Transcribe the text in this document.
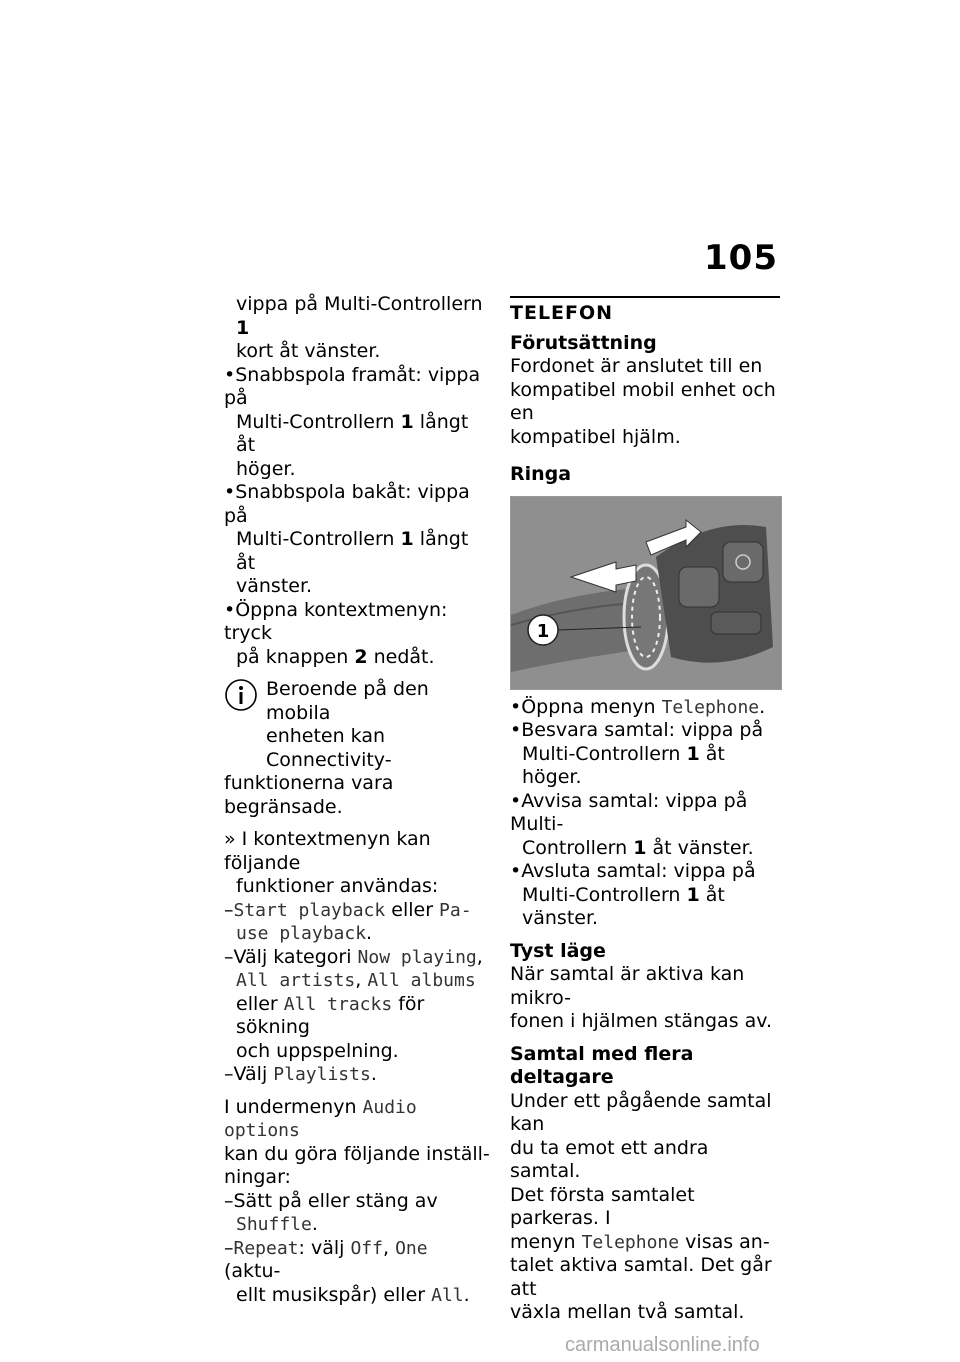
105
vippa på Multi-Controllern 1
kort åt vänster.
• Snabbspola framåt: vippa på
Multi-Controllern 1 långt åt
höger.
• Snabbspola bakåt: vippa på
Multi-Controllern 1 långt åt
vänster.
• Öppna kontextmenyn: tryck
på knappen 2 nedåt.
Beroende på den mobila
enheten kan Connectivity-
funktionerna vara begränsade.
» I kontextmenyn kan följande
funktioner användas:
– Start playback eller Pa-
use playback.
– Välj kategori Now playing,
All artists, All albums
eller All tracks för sökning
och uppspelning.
– Välj Playlists.
I undermenyn Audio options
kan du göra följande inställ-
ningar:
– Sätt på eller stäng av
Shuffle.
– Repeat: välj Off, One (aktu-
ellt musikspår) eller All.
TELEFON
Förutsättning
Fordonet är anslutet till en
kompatibel mobil enhet och en
kompatibel hjälm.
Ringa
1
• Öppna menyn Telephone.
• Besvara samtal: vippa på
Multi-Controllern 1 åt höger.
• Avvisa samtal: vippa på Multi-
Controllern 1 åt vänster.
• Avsluta samtal: vippa på
Multi-Controllern 1 åt vänster.
Tyst läge
När samtal är aktiva kan mikro-
fonen i hjälmen stängas av.
Samtal med flera deltagare
Under ett pågående samtal kan
du ta emot ett andra samtal.
Det första samtalet parkeras. I
menyn Telephone visas an-
talet aktiva samtal. Det går att
växla mellan två samtal.
carmanualsonline.info
